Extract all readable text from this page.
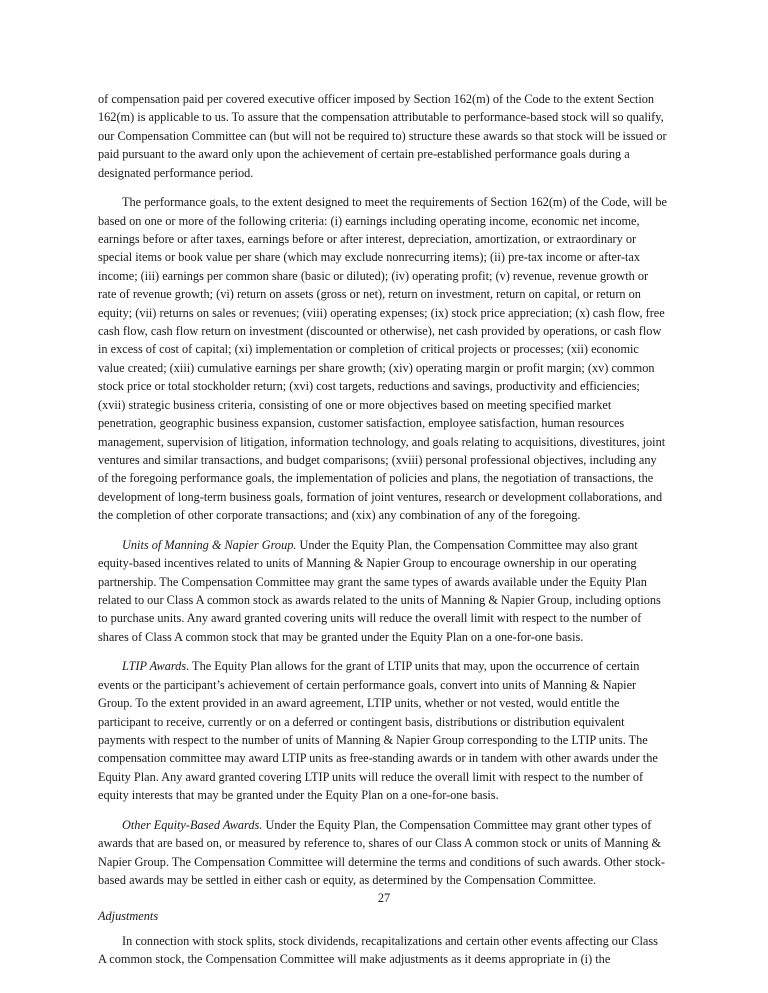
of compensation paid per covered executive officer imposed by Section 162(m) of the Code to the extent Section 162(m) is applicable to us. To assure that the compensation attributable to performance-based stock will so qualify, our Compensation Committee can (but will not be required to) structure these awards so that stock will be issued or paid pursuant to the award only upon the achievement of certain pre-established performance goals during a designated performance period.

The performance goals, to the extent designed to meet the requirements of Section 162(m) of the Code, will be based on one or more of the following criteria: (i) earnings including operating income, economic net income, earnings before or after taxes, earnings before or after interest, depreciation, amortization, or extraordinary or special items or book value per share (which may exclude nonrecurring items); (ii) pre-tax income or after-tax income; (iii) earnings per common share (basic or diluted); (iv) operating profit; (v) revenue, revenue growth or rate of revenue growth; (vi) return on assets (gross or net), return on investment, return on capital, or return on equity; (vii) returns on sales or revenues; (viii) operating expenses; (ix) stock price appreciation; (x) cash flow, free cash flow, cash flow return on investment (discounted or otherwise), net cash provided by operations, or cash flow in excess of cost of capital; (xi) implementation or completion of critical projects or processes; (xii) economic value created; (xiii) cumulative earnings per share growth; (xiv) operating margin or profit margin; (xv) common stock price or total stockholder return; (xvi) cost targets, reductions and savings, productivity and efficiencies; (xvii) strategic business criteria, consisting of one or more objectives based on meeting specified market penetration, geographic business expansion, customer satisfaction, employee satisfaction, human resources management, supervision of litigation, information technology, and goals relating to acquisitions, divestitures, joint ventures and similar transactions, and budget comparisons; (xviii) personal professional objectives, including any of the foregoing performance goals, the implementation of policies and plans, the negotiation of transactions, the development of long-term business goals, formation of joint ventures, research or development collaborations, and the completion of other corporate transactions; and (xix) any combination of any of the foregoing.

Units of Manning & Napier Group. Under the Equity Plan, the Compensation Committee may also grant equity-based incentives related to units of Manning & Napier Group to encourage ownership in our operating partnership. The Compensation Committee may grant the same types of awards available under the Equity Plan related to our Class A common stock as awards related to the units of Manning & Napier Group, including options to purchase units. Any award granted covering units will reduce the overall limit with respect to the number of shares of Class A common stock that may be granted under the Equity Plan on a one-for-one basis.

LTIP Awards. The Equity Plan allows for the grant of LTIP units that may, upon the occurrence of certain events or the participant’s achievement of certain performance goals, convert into units of Manning & Napier Group. To the extent provided in an award agreement, LTIP units, whether or not vested, would entitle the participant to receive, currently or on a deferred or contingent basis, distributions or distribution equivalent payments with respect to the number of units of Manning & Napier Group corresponding to the LTIP units. The compensation committee may award LTIP units as free-standing awards or in tandem with other awards under the Equity Plan. Any award granted covering LTIP units will reduce the overall limit with respect to the number of equity interests that may be granted under the Equity Plan on a one-for-one basis.

Other Equity-Based Awards. Under the Equity Plan, the Compensation Committee may grant other types of awards that are based on, or measured by reference to, shares of our Class A common stock or units of Manning & Napier Group. The Compensation Committee will determine the terms and conditions of such awards. Other stock-based awards may be settled in either cash or equity, as determined by the Compensation Committee.

Adjustments

In connection with stock splits, stock dividends, recapitalizations and certain other events affecting our Class A common stock, the Compensation Committee will make adjustments as it deems appropriate in (i) the

27
